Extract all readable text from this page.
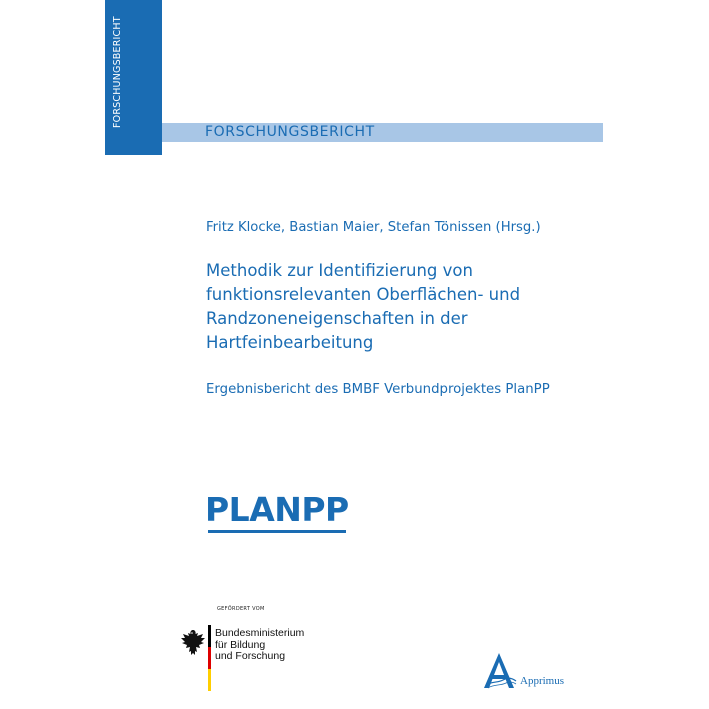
FORSCHUNGSBERICHT
FORSCHUNGSBERICHT
Fritz Klocke, Bastian Maier, Stefan Tönissen (Hrsg.)
Methodik zur Identifizierung von
funktionsrelevanten Oberflächen- und
Randzoneneigenschaften in der
Hartfeinbearbeitung
Ergebnisbericht des BMBF Verbundprojektes PlanPP
PLANPP
GEFÖRDERT VOM
Bundesministerium
für Bildung
und Forschung
Apprimus
